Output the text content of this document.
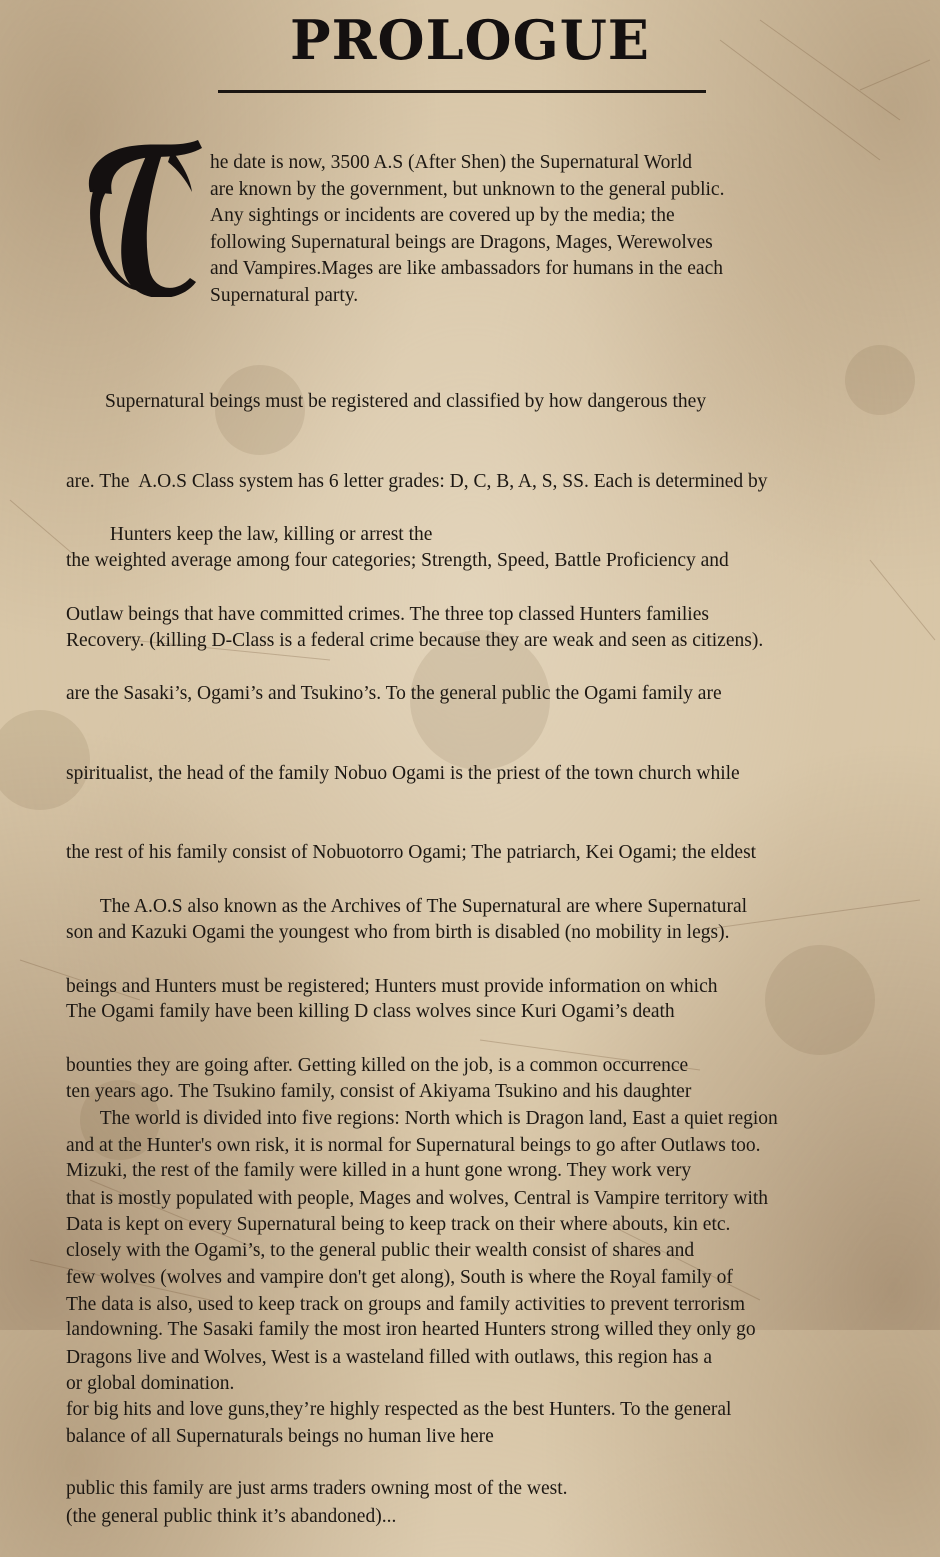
PROLOGUE

he date is now, 3500 A.S (After Shen) the Supernatural World
are known by the government, but unknown to the general public.
Any sightings or incidents are covered up by the media; the
following Supernatural beings are Dragons, Mages, Werewolves
and Vampires.Mages are like ambassadors for humans in the each
Supernatural party.

Supernatural beings must be registered and classified by how dangerous they

are. The  A.O.S Class system has 6 letter grades: D, C, B, A, S, SS. Each is determined by

the weighted average among four categories; Strength, Speed, Battle Proficiency and

Recovery. (killing D-Class is a federal crime because they are weak and seen as citizens).

Hunters keep the law, killing or arrest the

Outlaw beings that have committed crimes. The three top classed Hunters families

are the Sasaki’s, Ogami’s and Tsukino’s. To the general public the Ogami family are

spiritualist, the head of the family Nobuo Ogami is the priest of the town church while

the rest of his family consist of Nobuotorro Ogami; The patriarch, Kei Ogami; the eldest

son and Kazuki Ogami the youngest who from birth is disabled (no mobility in legs).

The Ogami family have been killing D class wolves since Kuri Ogami’s death

ten years ago. The Tsukino family, consist of Akiyama Tsukino and his daughter

Mizuki, the rest of the family were killed in a hunt gone wrong. They work very

closely with the Ogami’s, to the general public their wealth consist of shares and

landowning. The Sasaki family the most iron hearted Hunters strong willed they only go

for big hits and love guns,they’re highly respected as the best Hunters. To the general

public this family are just arms traders owning most of the west.

The A.O.S also known as the Archives of The Supernatural are where Supernatural

beings and Hunters must be registered; Hunters must provide information on which

bounties they are going after. Getting killed on the job, is a common occurrence

and at the Hunter's own risk, it is normal for Supernatural beings to go after Outlaws too.

Data is kept on every Supernatural being to keep track on their where abouts, kin etc.

The data is also, used to keep track on groups and family activities to prevent terrorism

or global domination.

The world is divided into five regions: North which is Dragon land, East a quiet region

that is mostly populated with people, Mages and wolves, Central is Vampire territory with

few wolves (wolves and vampire don't get along), South is where the Royal family of

Dragons live and Wolves, West is a wasteland filled with outlaws, this region has a

balance of all Supernaturals beings no human live here

(the general public think it’s abandoned)...
